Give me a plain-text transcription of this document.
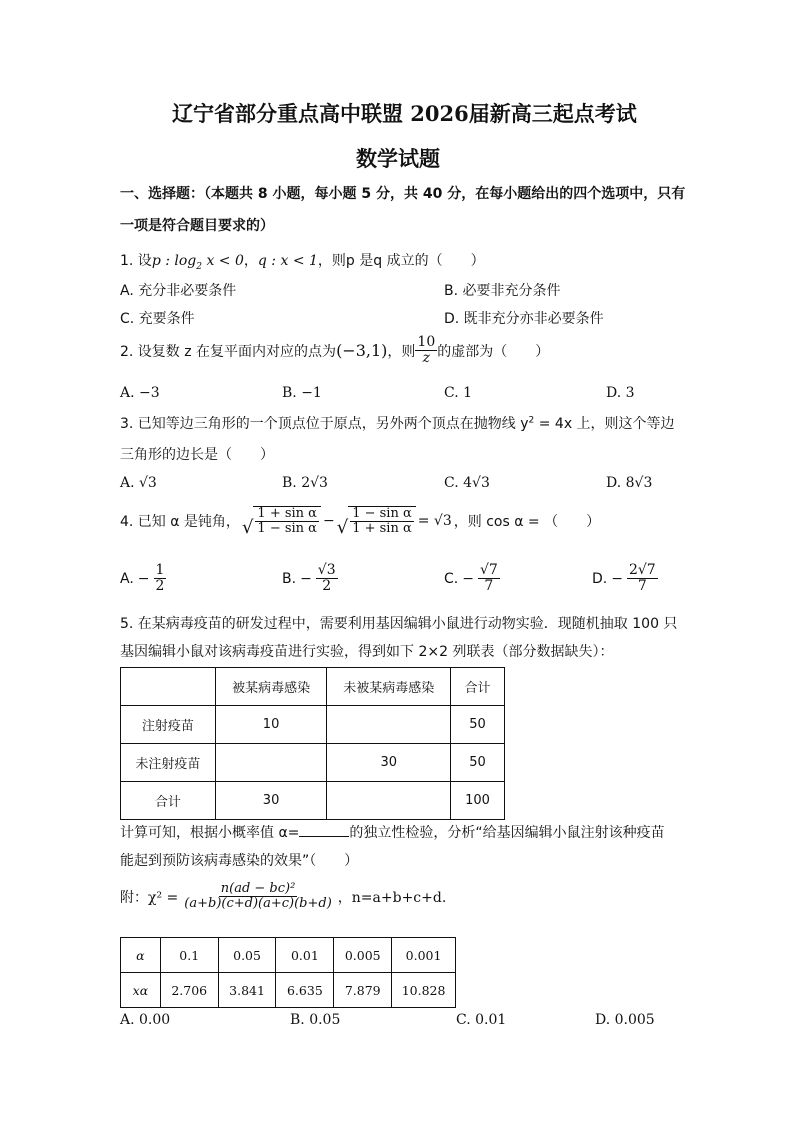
辽宁省部分重点高中联盟 2026届新高三起点考试
数学试题
一、选择题：（本题共 8 小题，每小题 5 分，共 40 分，在每小题给出的四个选项中，只有
一项是符合题目要求的）
1. 设p : $\log_2 x < 0$，q : x < 1，则p 是q 成立的（　　）
A. 充分非必要条件	B. 必要非充分条件
C. 充要条件	D. 既非充分亦非必要条件
2. 设复数 z 在复平面内对应的点为 (−3,1) ，则 $\frac{10}{z}$ 的虚部为（　　）
A. −3	B. −1	C. 1	D. 3
3. 已知等边三角形的一个顶点位于原点，另外两个顶点在抛物线 $y^2 = 4x$ 上，则这个等边
三角形的边长是（　　）
A. √3	B. 2√3	C. 4√3	D. 8√3
4. 已知 α 是钝角， √ $\frac{\text{1 + sin α}}{\text{1 − sin α}}$ − √ $\frac{\text{1 − sin α}}{\text{1 + sin α}} = √3$ ，则 cos α = （　　）
A. − $\frac{1}{2}$	B. − $\frac{√3}{2}$	C. − $\frac{√7}{7}$	D. − $\frac{2√7}{7}$
5. 在某病毒疫苗的研发过程中，需要利用基因编辑小鼠进行动物实验．现随机抽取 100 只
基因编辑小鼠对该病毒疫苗进行实验，得到如下 2×2 列联表（部分数据缺失）：
	被某病毒感染	未被某病毒感染	合计
注射疫苗	10		50
未注射疫苗		30	50
合计	30		100
计算可知，根据小概率值 α=	的独立性检验，分析“给基因编辑小鼠注射该种疫苗
能起到预防该病毒感染的效果”（　　）
附：$\chi^2 = \frac{\text{n(ad − bc)²}}{(a+b)(c+d)(a+c)(b+d)}$ ，n=a+b+c+d.
α	0.1	0.05	0.01	0.005	0.001
xα	2.706	3.841	6.635	7.879	10.828
A. 0.00	B. 0.05	C. 0.01	D. 0.005
